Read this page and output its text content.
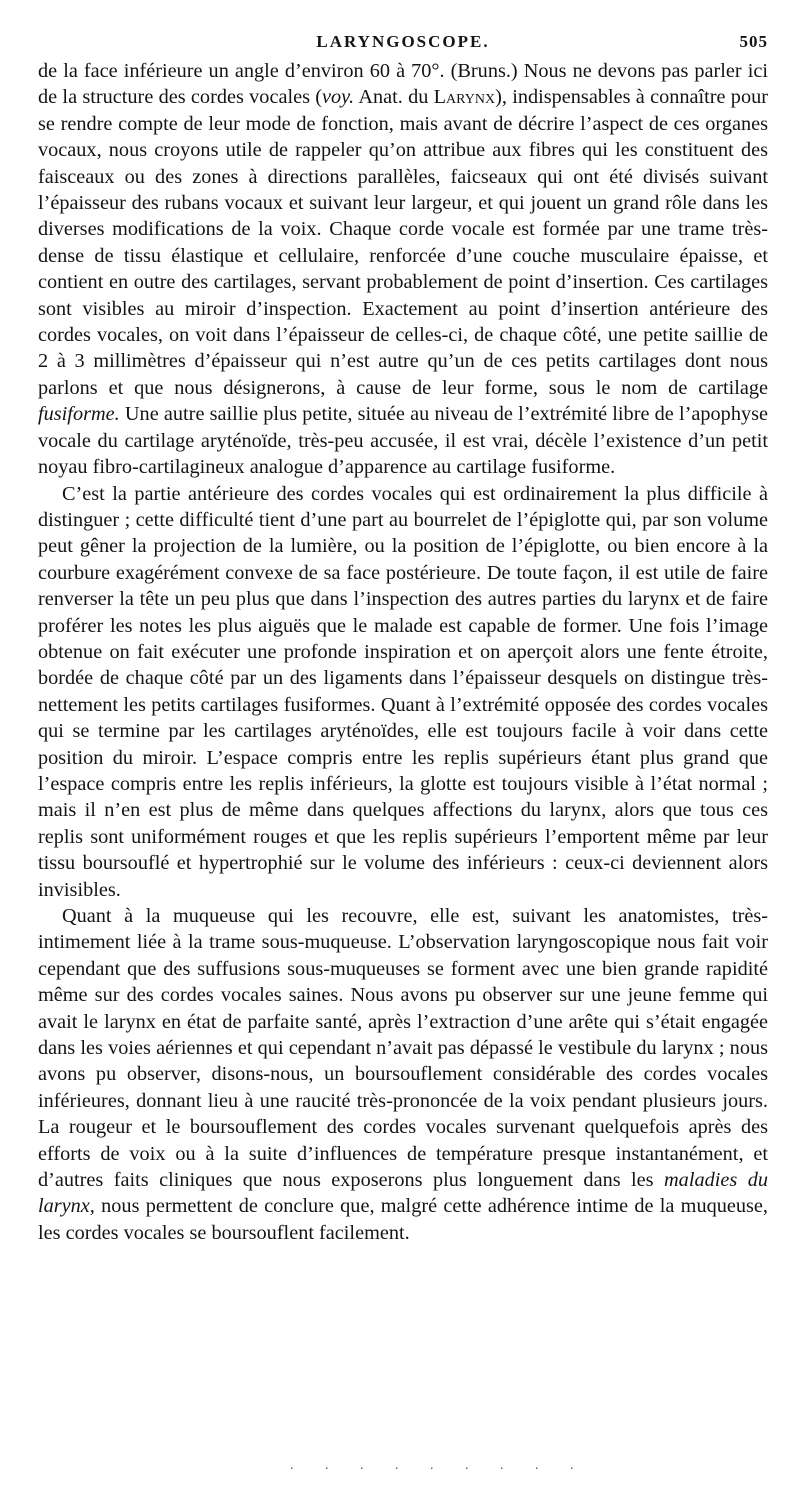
LARYNGOSCOPE.	505

de la face inférieure un angle d’environ 60 à 70°. (Bruns.) Nous ne devons pas parler ici de la structure des cordes vocales (voy. Anat. du Larynx), indispensables à connaître pour se rendre compte de leur mode de fonction, mais avant de décrire l’aspect de ces organes vocaux, nous croyons utile de rappeler qu’on attribue aux fibres qui les constituent des faisceaux ou des zones à directions parallèles, faicseaux qui ont été divisés suivant l’épaisseur des rubans vocaux et suivant leur largeur, et qui jouent un grand rôle dans les diverses modifications de la voix. Chaque corde vocale est formée par une trame très-dense de tissu élastique et cellulaire, renforcée d’une couche musculaire épaisse, et contient en outre des cartilages, servant probablement de point d’insertion. Ces cartilages sont visibles au miroir d’inspection. Exactement au point d’insertion antérieure des cordes vocales, on voit dans l’épaisseur de celles-ci, de chaque côté, une petite saillie de 2 à 3 millimètres d’épaisseur qui n’est autre qu’un de ces petits cartilages dont nous parlons et que nous désignerons, à cause de leur forme, sous le nom de cartilage fusiforme. Une autre saillie plus petite, située au niveau de l’extrémité libre de l’apophyse vocale du cartilage aryténoïde, très-peu accusée, il est vrai, décèle l’existence d’un petit noyau fibro-cartilagineux analogue d’apparence au cartilage fusiforme.

C’est la partie antérieure des cordes vocales qui est ordinairement la plus difficile à distinguer ; cette difficulté tient d’une part au bourrelet de l’épiglotte qui, par son volume peut gêner la projection de la lumière, ou la position de l’épiglotte, ou bien encore à la courbure exagérément convexe de sa face postérieure. De toute façon, il est utile de faire renverser la tête un peu plus que dans l’inspection des autres parties du larynx et de faire proférer les notes les plus aiguës que le malade est capable de former. Une fois l’image obtenue on fait exécuter une profonde inspiration et on aperçoit alors une fente étroite, bordée de chaque côté par un des ligaments dans l’épaisseur desquels on distingue très-nettement les petits cartilages fusiformes. Quant à l’extrémité opposée des cordes vocales qui se termine par les cartilages aryténoïdes, elle est toujours facile à voir dans cette position du miroir. L’espace compris entre les replis supérieurs étant plus grand que l’espace compris entre les replis inférieurs, la glotte est toujours visible à l’état normal ; mais il n’en est plus de même dans quelques affections du larynx, alors que tous ces replis sont uniformément rouges et que les replis supérieurs l’emportent même par leur tissu boursouflé et hypertrophié sur le volume des inférieurs : ceux-ci deviennent alors invisibles.

Quant à la muqueuse qui les recouvre, elle est, suivant les anatomistes, très-intimement liée à la trame sous-muqueuse. L’observation laryngoscopique nous fait voir cependant que des suffusions sous-muqueuses se forment avec une bien grande rapidité même sur des cordes vocales saines. Nous avons pu observer sur une jeune femme qui avait le larynx en état de parfaite santé, après l’extraction d’une arête qui s’était engagée dans les voies aériennes et qui cependant n’avait pas dépassé le vestibule du larynx ; nous avons pu observer, disons-nous, un boursouflement considérable des cordes vocales inférieures, donnant lieu à une raucité très-prononcée de la voix pendant plusieurs jours. La rougeur et le boursouflement des cordes vocales survenant quelquefois après des efforts de voix ou à la suite d’influences de température presque instantanément, et d’autres faits cliniques que nous exposerons plus longuement dans les maladies du larynx, nous permettent de conclure que, malgré cette adhérence intime de la muqueuse, les cordes vocales se boursouflent facilement.

. . . . . . . . .
